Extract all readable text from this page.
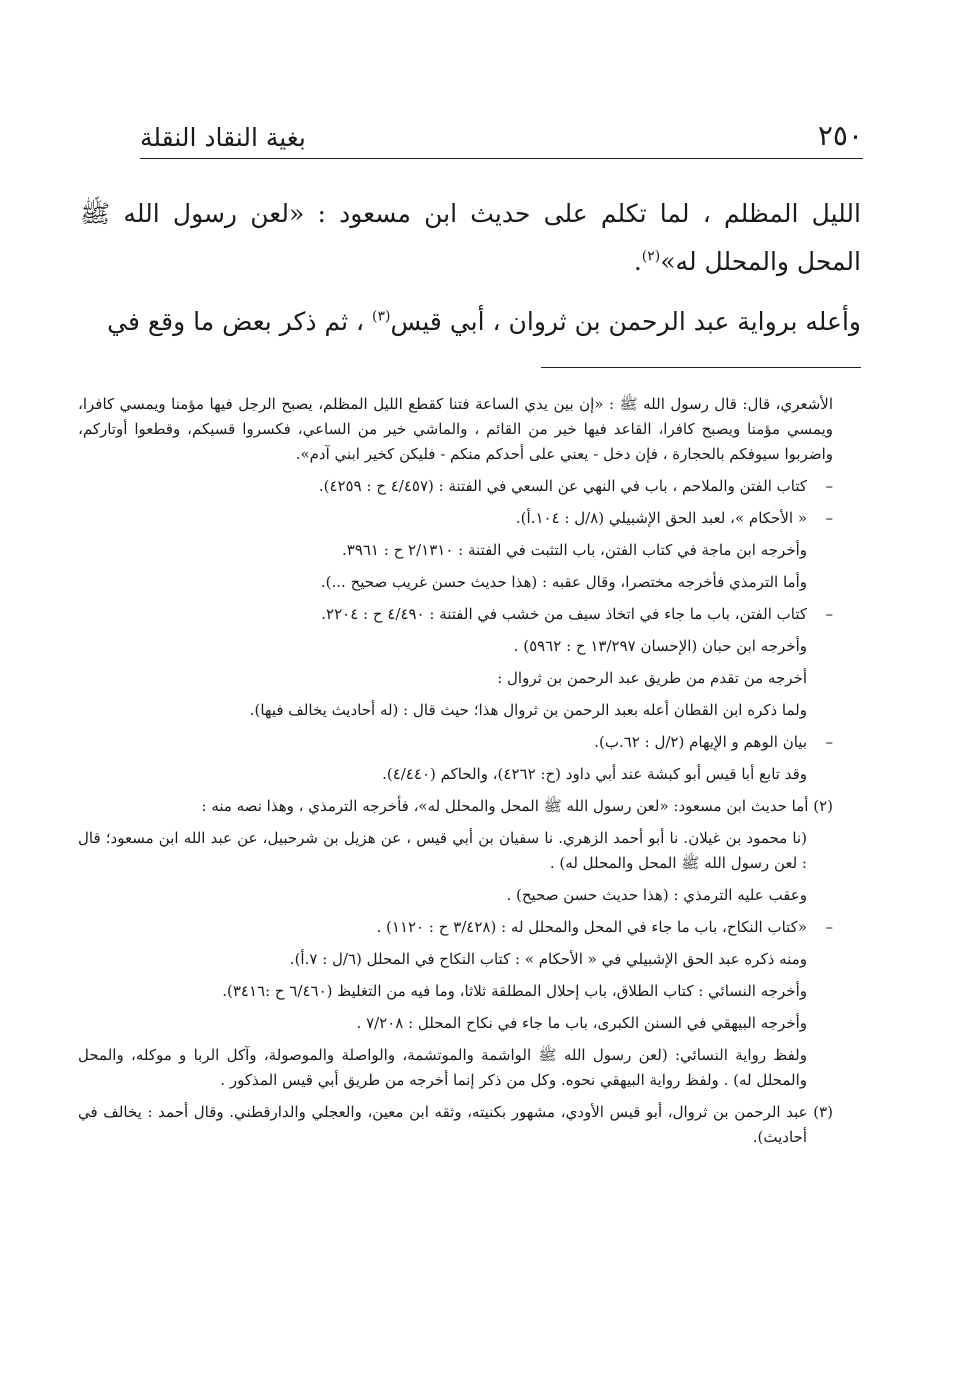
٢٥٠
بغية النقاد النقلة

الليل المظلم ، لما تكلم على حديث ابن مسعود : «لعن رسول الله ﷺ المحل والمحلل له»$^{(٢)}$.

وأعله برواية عبد الرحمن بن ثروان ، أبي قيس$^{(٣)}$ ، ثم ذكر بعض ما وقع في

الأشعري، قال: قال رسول الله ﷺ : «إن بين يدي الساعة فتنا كقطع الليل المظلم، يصبح الرجل فيها مؤمنا ويمسي كافرا، ويمسي مؤمنا ويصبح كافرا، القاعد فيها خير من القائم ، والماشي خير من الساعي، فكسروا قسيكم، وقطعوا أوتاركم، واضربوا سيوفكم بالحجارة ، فإن دخل - يعني على أحدكم منكم - فليكن كخير ابني آدم».

–كتاب الفتن والملاحم ، باب في النهي عن السعي في الفتنة : (٤/٤٥٧ ح : ٤٢٥٩).

–« الأحكام »، لعبد الحق الإشبيلي (٨/ل : ١٠٤.أ).

وأخرجه ابن ماجة في كتاب الفتن، باب التثبت في الفتنة : ٢/١٣١٠ ح : ٣٩٦١.

وأما الترمذي فأخرجه مختصرا، وقال عقبه : (هذا حديث حسن غريب صحيح ...).

–كتاب الفتن، باب ما جاء في اتخاذ سيف من خشب في الفتنة : ٤/٤٩٠ ح : ٢٢٠٤.

وأخرجه ابن حبان (الإحسان ١٣/٢٩٧ ح : ٥٩٦٢) .

أخرجه من تقدم من طريق عبد الرحمن بن ثروال :

ولما ذكره ابن القطان أعله بعبد الرحمن بن ثروال هذا؛ حيث قال : (له أحاديث يخالف فيها).

–بيان الوهم و الإيهام (٢/ل : ٦٢.ب).

وقد تابع أبا قيس أبو كبشة عند أبي داود (ح: ٤٢٦٢)، والحاكم (٤/٤٤٠).

(٢) أما حديث ابن مسعود: «لعن رسول الله ﷺ المحل والمحلل له»، فأخرجه الترمذي ، وهذا نصه منه :

(نا محمود بن غيلان. نا أبو أحمد الزهري. نا سفيان بن أبي قيس ، عن هزيل بن شرحبيل، عن عبد الله ابن مسعود؛ قال : لعن رسول الله ﷺ المحل والمحلل له) .

وعقب عليه الترمذي : (هذا حديث حسن صحيح) .

–«كتاب النكاح، باب ما جاء في المحل والمحلل له : (٣/٤٢٨ ح : ١١٢٠) .

ومنه ذكره عبد الحق الإشبيلي في « الأحكام » : كتاب النكاح في المحلل (٦/ل : ٧.أ).

وأخرجه النسائي : كتاب الطلاق، باب إحلال المطلقة ثلاثا، وما فيه من التغليظ (٦/٤٦٠ ح :٣٤١٦).

وأخرجه البيهقي في السنن الكبرى، باب ما جاء في نكاح المحلل : ٧/٢٠٨ .

ولفظ رواية النسائي: (لعن رسول الله ﷺ الواشمة والموتشمة، والواصلة والموصولة، وآكل الربا و موكله، والمحل والمحلل له) . ولفظ رواية البيهقي نحوه. وكل من ذكر إنما أخرجه من طريق أبي قيس المذكور .

(٣) عبد الرحمن بن ثروال، أبو قيس الأودي، مشهور بكنيته، وثقه ابن معين، والعجلي والدارقطني. وقال أحمد : يخالف في أحاديث).
